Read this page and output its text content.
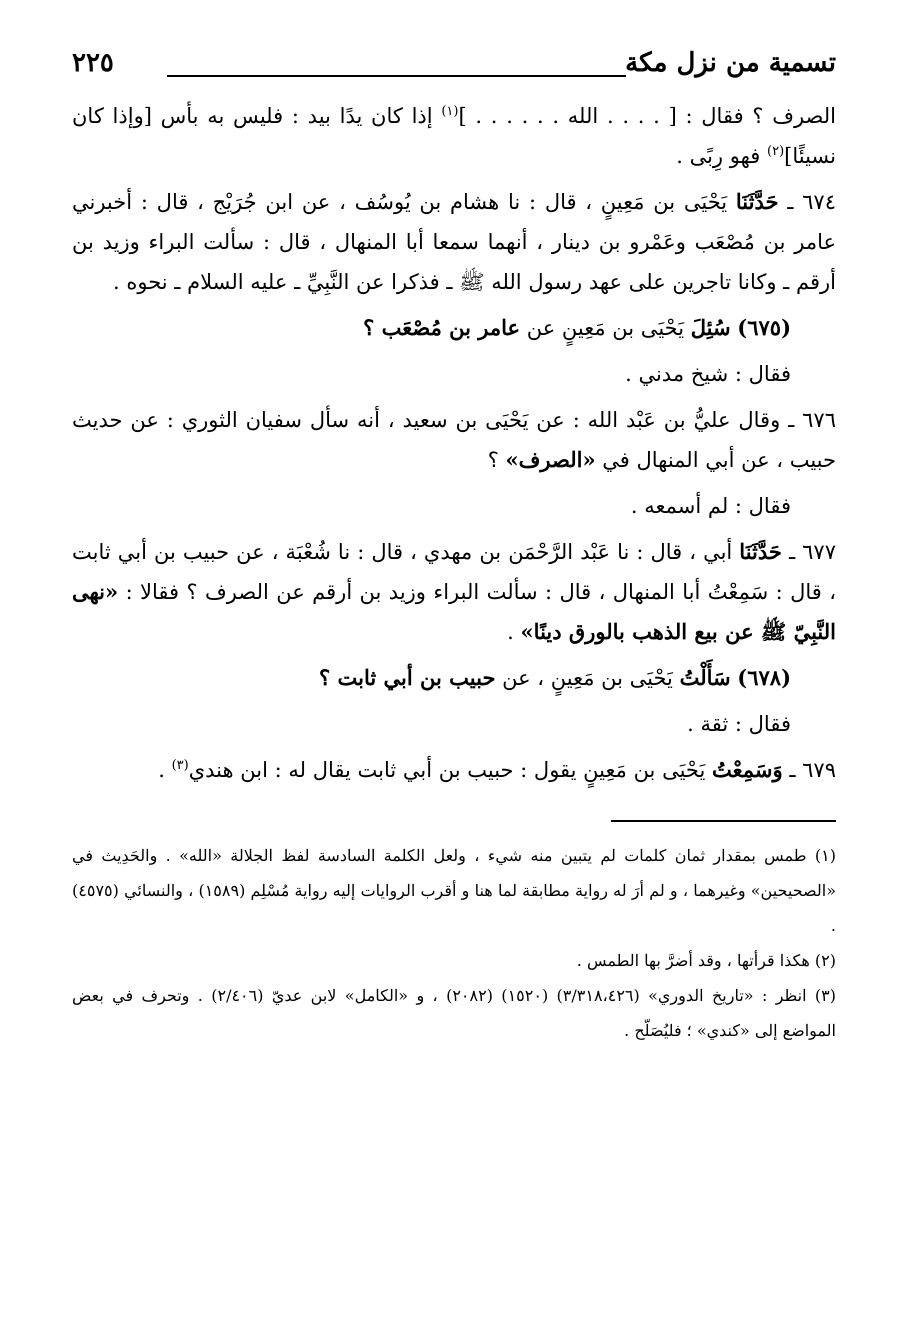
تسمية من نزل مكة
٢٢٥

الصرف ؟ فقال : [ . . . . الله . . . . . . ]$^{(١)}$ إذا كان يدًا بيد : فليس به بأس [وإذا كان نسيئًا]$^{(٢)}$ فهو رِبًى .

٦٧٤ ـ حَدَّثَنَا يَحْيَى بن مَعِينٍ ، قال : نا هشام بن يُوسُف ، عن ابن جُرَيْج ، قال : أخبرني عامر بن مُصْعَب وعَمْرو بن دينار ، أنهما سمعا أبا المنهال ، قال : سألت البراء وزيد بن أرقم ـ وكانا تاجرين على عهد رسول الله ﷺ ـ فذكرا عن النَّبِيِّ ـ عليه السلام ـ نحوه .

(٦٧٥) سُئِلَ يَحْيَى بن مَعِينٍ عن عامر بن مُصْعَب ؟

فقال : شيخ مدني .

٦٧٦ ـ وقال عليُّ بن عَبْد الله : عن يَحْيَى بن سعيد ، أنه سأل سفيان الثوري : عن حديث حبيب ، عن أبي المنهال في «الصرف» ؟

فقال : لم أسمعه .

٦٧٧ ـ حَدَّثَنَا أبي ، قال : نا عَبْد الرَّحْمَن بن مهدي ، قال : نا شُعْبَة ، عن حبيب بن أبي ثابت ، قال : سَمِعْتُ أبا المنهال ، قال : سألت البراء وزيد بن أرقم عن الصرف ؟ فقالا : «نهى النَّبِيّ ﷺ عن بيع الذهب بالورق دينًا» .

(٦٧٨) سَأَلْتُ يَحْيَى بن مَعِينٍ ، عن حبيب بن أبي ثابت ؟

فقال : ثقة .

٦٧٩ ـ وَسَمِعْتُ يَحْيَى بن مَعِينٍ يقول : حبيب بن أبي ثابت يقال له : ابن هندي$^{(٣)}$ .

(١) طمس بمقدار ثمان كلمات لم يتبين منه شيء ، ولعل الكلمة السادسة لفظ الجلالة «الله» . والحَدِيث في «الصحيحين» وغيرهما ، و لم أرَ له رواية مطابقة لما هنا و أقرب الروايات إليه رواية مُسْلِم (١٥٨٩) ، والنسائي (٤٥٧٥) .

(٢) هكذا قرأتها ، وقد أضرَّ بها الطمس .

(٣) انظر : «تاريخ الدوري» (٣/٣١٨،٤٢٦) (١٥٢٠) (٢٠٨٢) ، و «الكامل» لابن عديّ (٢/٤٠٦) . وتحرف في بعض المواضع إلى «كندي» ؛ فليُصَلّح .
